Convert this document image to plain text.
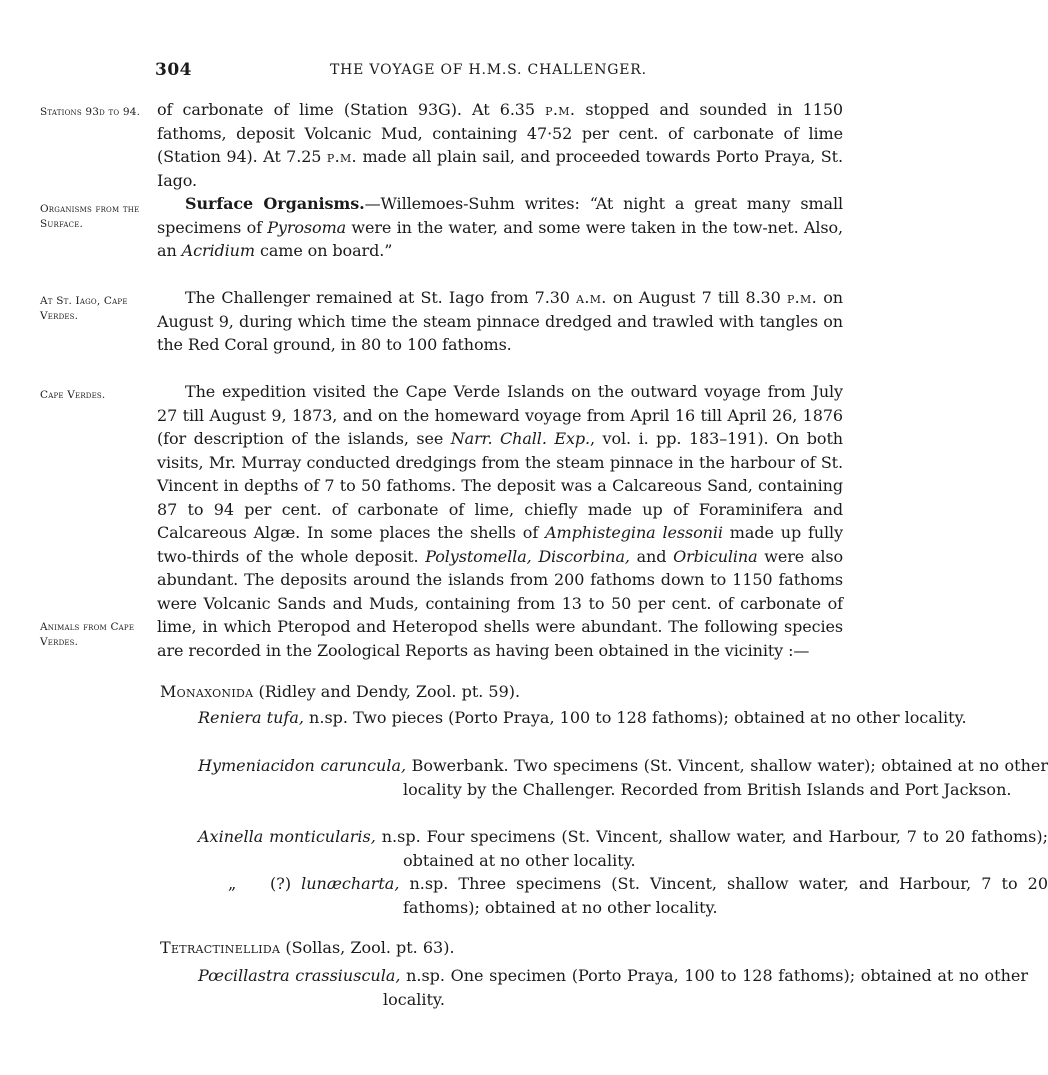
304	THE VOYAGE OF H.M.S. CHALLENGER.
Stations 93d to 94.
Organisms from the Surface.
At St. Iago, Cape Verdes.
Cape Verdes.
Animals from Cape Verdes.
of carbonate of lime (Station 93G). At 6.35 p.m. stopped and sounded in 1150 fathoms, deposit Volcanic Mud, containing 47·52 per cent. of carbonate of lime (Station 94). At 7.25 p.m. made all plain sail, and proceeded towards Porto Praya, St. Iago.
Surface Organisms.—Willemoes-Suhm writes: “At night a great many small specimens of Pyrosoma were in the water, and some were taken in the tow-net. Also, an Acridium came on board.”
The Challenger remained at St. Iago from 7.30 a.m. on August 7 till 8.30 p.m. on August 9, during which time the steam pinnace dredged and trawled with tangles on the Red Coral ground, in 80 to 100 fathoms.
The expedition visited the Cape Verde Islands on the outward voyage from July 27 till August 9, 1873, and on the homeward voyage from April 16 till April 26, 1876 (for description of the islands, see Narr. Chall. Exp., vol. i. pp. 183–191). On both visits, Mr. Murray conducted dredgings from the steam pinnace in the harbour of St. Vincent in depths of 7 to 50 fathoms. The deposit was a Calcareous Sand, containing 87 to 94 per cent. of carbonate of lime, chiefly made up of Foraminifera and Calcareous Algæ. In some places the shells of Amphistegina lessonii made up fully two-thirds of the whole deposit. Polystomella, Discorbina, and Orbiculina were also abundant. The deposits around the islands from 200 fathoms down to 1150 fathoms were Volcanic Sands and Muds, containing from 13 to 50 per cent. of carbonate of lime, in which Pteropod and Heteropod shells were abundant. The following species are recorded in the Zoological Reports as having been obtained in the vicinity :—
Monaxonida (Ridley and Dendy, Zool. pt. 59).
Reniera tufa, n.sp. Two pieces (Porto Praya, 100 to 128 fathoms); obtained at no other locality.
Hymeniacidon caruncula, Bowerbank. Two specimens (St. Vincent, shallow water); obtained at no other locality by the Challenger. Recorded from British Islands and Port Jackson.
Axinella monticularis, n.sp. Four specimens (St. Vincent, shallow water, and Harbour, 7 to 20 fathoms); obtained at no other locality.
„ (?) lunæcharta, n.sp. Three specimens (St. Vincent, shallow water, and Harbour, 7 to 20 fathoms); obtained at no other locality.
Tetractinellida (Sollas, Zool. pt. 63).
Pœcillastra crassiuscula, n.sp. One specimen (Porto Praya, 100 to 128 fathoms); obtained at no other locality.
